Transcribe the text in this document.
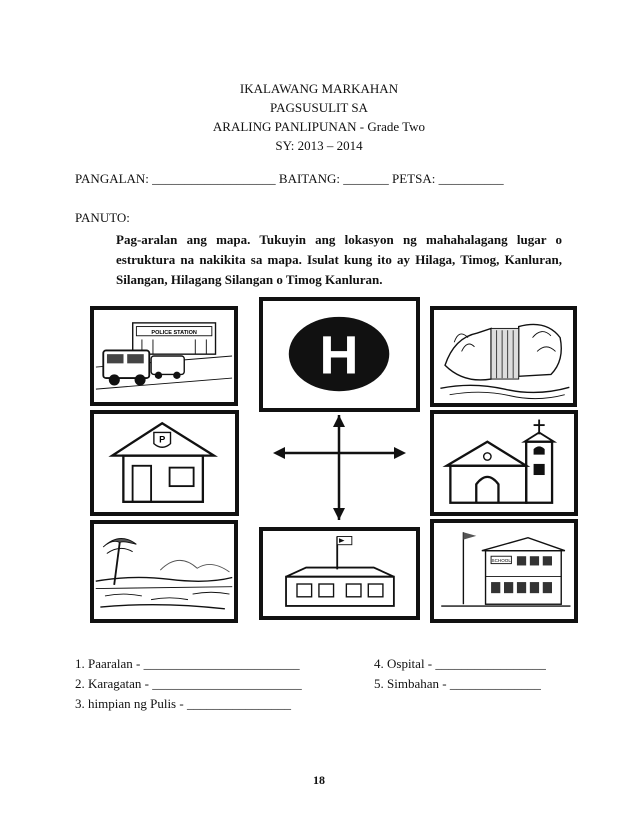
IKALAWANG MARKAHAN
PAGSUSULIT SA
ARALING PANLIPUNAN - Grade Two
SY: 2013 – 2014
PANGALAN: ___________________ BAITANG: _______ PETSA: __________
PANUTO:
Pag-aralan ang mapa. Tukuyin ang lokasyon ng mahahalagang lugar o estruktura na nakikita sa mapa. Isulat kung ito ay Hilaga, Timog, Kanluran, Silangan, Hilagang Silangan o Timog Kanluran.
POLICE STATION H
P
SCHOOL
1. Paaralan - ________________________
2. Karagatan - _______________________
3. himpian ng Pulis - ________________
4. Ospital - _________________
5. Simbahan - ______________
18
